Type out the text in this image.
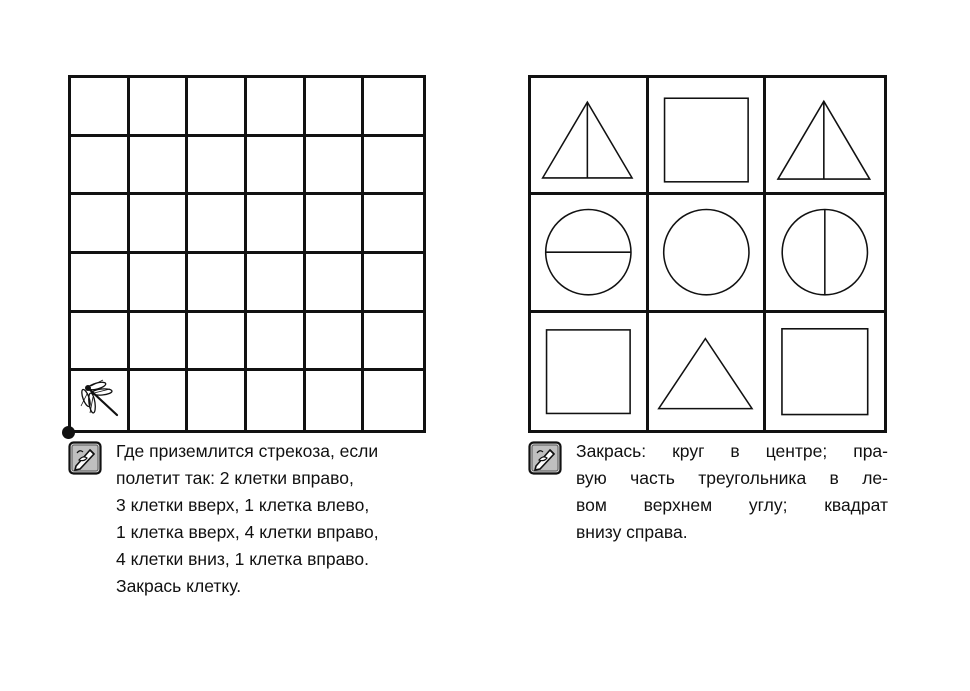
Где приземлится стрекоза, если
полетит так: 2 клетки вправо,
3 клетки вверх, 1 клетка влево,
1 клетка вверх, 4 клетки вправо,
4 клетки вниз, 1 клетка вправо.
Закрась клетку.

Закрась: круг в центре; пра-
вую часть треугольника в ле-
вом верхнем углу; квадрат
внизу справа.
